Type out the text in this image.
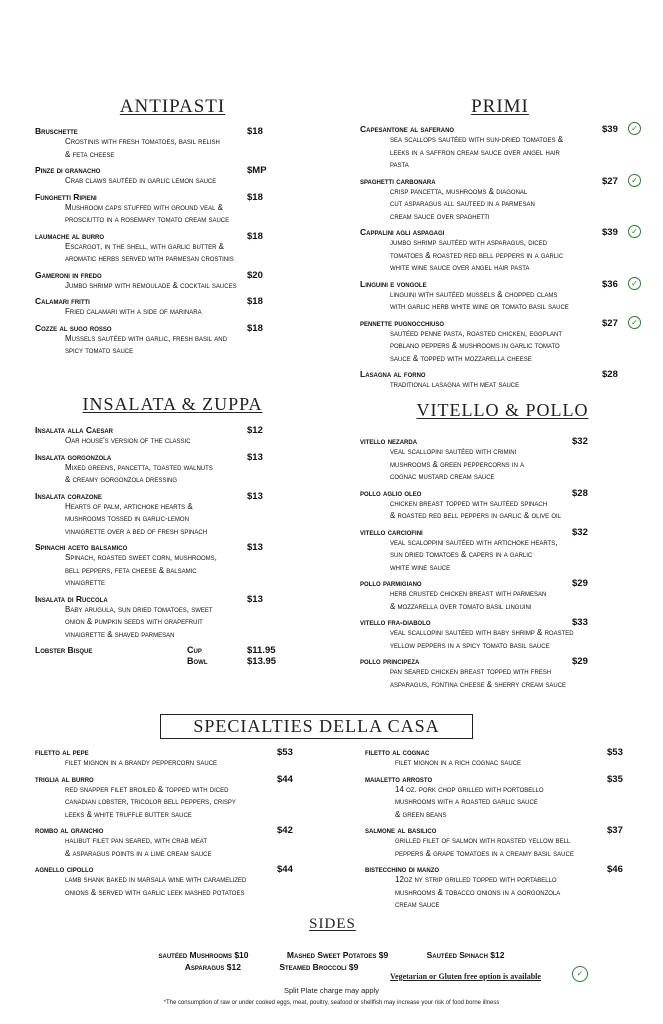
ANTIPASTI
Bruschette	$18
Crostinis with fresh tomatoes, basil relish
& feta cheese
Pinze di granacho	$MP
Crab claws sautéed in garlic lemon sauce
Funghetti Ripieni	$18
Mushroom caps stuffed with ground veal &
prosciutto in a rosemary tomato cream sauce
laumache al burro	$18
Escargot, in the shell, with garlic butter &
aromatic herbs served with parmesan crostinis
Gameroni in fredo	$20
Jumbo shrimp with remoulade & cocktail sauces
Calamari fritti	$18
Fried calamari with a side of marinara
Cozze al sugo rosso	$18
Mussels sautéed with garlic, fresh basil and
spicy tomato sauce
PRIMI
Capesantone al saferano	$39	✓
sea scallops sautéed with sun-dried tomatoes &
leeks in a saffron cream sauce over angel hair
pasta
spaghetti carbonara	$27	✓
crisp pancetta, mushrooms & diagonal
cut asparagus all sauteed in a parmesan
cream sauce over spaghetti
Cappalini agli aspagagi	$39	✓
jumbo shrimp sautéed with asparagus, diced
tomatoes & roasted red bell peppers in a garlic
white wine sauce over angel hair pasta
Linguini e vongole	$36	✓
linguini with sautéed mussels & chopped clams
with garlic herb white wine or tomato basil sauce
pennette pugnocchiuso	$27	✓
sautéed penne pasta, roasted chicken, eggplant
poblano peppers & mushrooms in garlic tomato
sauce & topped with mozzarella cheese
Lasagna al forno	$28
traditional lasagna with meat sauce
INSALATA & ZUPPA
Insalata alla Caesar	$12
Oar house's version of the classic
Insalata gorgonzola	$13
Mixed greens, pancetta, toasted walnuts
& creamy gorgonzola dressing
Insalata corazone	$13
Hearts of palm, artichoke hearts &
mushrooms tossed in garlic-lemon
vinaigrette over a bed of fresh spinach
Spinachi aceto balsamico	$13
Spinach, roasted sweet corn, mushrooms,
bell peppers, feta cheese & balsamic
vinaigrette
Insalata di Ruccola	$13
Baby arugula, sun dried tomatoes, sweet
onion & pumpkin seeds with grapefruit
vinaigrette & shaved parmesan
Lobster Bisque	Cup	$11.95
Bowl	$13.95
VITELLO & POLLO
vitello nezarda	$32
veal scallopini sautéed with crimini
mushrooms & green peppercorns in a
cognac mustard cream sauce
pollo aglio oleo	$28
chicken breast topped with sautéed spinach
& roasted red bell peppers in garlic & olive oil
vitello carciofini	$32
veal scaloppini sautéed with artichoke hearts,
sun dried tomatoes & capers in a garlic
white wine sauce
pollo parmigiano	$29
herb crusted chicken breast with parmesan
& mozzarella over tomato basil linguini
vitello fra-diabolo	$33
veal scallopini sautéed with baby shrimp & roasted
yellow peppers in a spicy tomato basil sauce
pollo principeza	$29
pan seared chicken breast topped with fresh
asparagus, fontina cheese & sherry cream sauce
SPECIALTIES DELLA CASA
filetto al pepe	$53
filet mignon in a brandy peppercorn sauce
triglia al burro	$44
red snapper filet broiled & topped with diced
canadian lobster, tricolor bell peppers, crispy
leeks & white truffle butter sauce
rombo al granchio	$42
halibut filet pan seared, with crab meat
& asparagus points in a lime cream sauce
agnello cipollo	$44
lamb shank baked in marsala wine with caramelized
onions & served with garlic leek mashed potatoes
filetto al cognac	$53
filet mignon in a rich cognac sauce
maialetto arrosto	$35
14 oz. pork chop grilled with portobello
mushrooms with a roasted garlic sauce
& green beans
salmone al basilico	$37
grilled filet of salmon with roasted yellow bell
peppers & grape tomatoes in a creamy basil sauce
bistecchino di manzo	$46
12oz ny strip grilled topped with portabello
mushrooms & tobacco onions in a gorgonzola
cream sauce
SIDES
sautéed Mushrooms $10	Mashed Sweet Potatoes $9	Sautéed Spinach $12
Asparagus $12	Steamed Broccoli $9
Vegetarian or Gluten free option is available	✓
Split Plate charge may apply
*The consumption of raw or under cooked eggs, meat, poultry, seafood or shellfish may increase your risk of food borne illness
